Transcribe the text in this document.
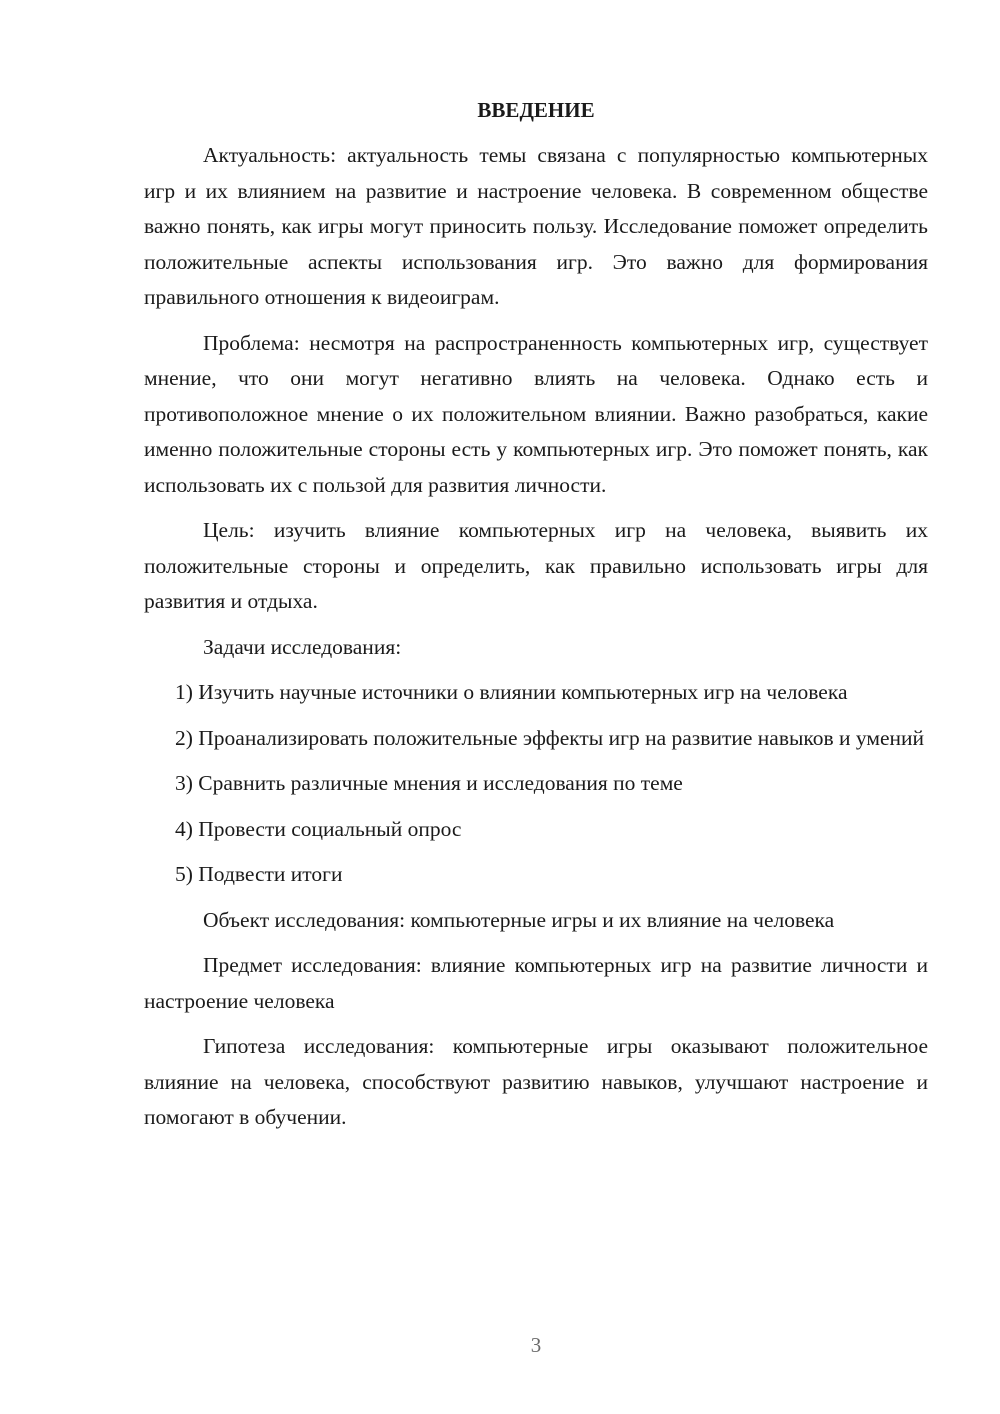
ВВЕДЕНИЕ

Актуальность: актуальность темы связана с популярностью компьютерных игр и их влиянием на развитие и настроение человека. В современном обществе важно понять, как игры могут приносить пользу. Исследование поможет определить положительные аспекты использования игр. Это важно для формирования правильного отношения к видеоиграм.

Проблема: несмотря на распространенность компьютерных игр, существует мнение, что они могут негативно влиять на человека. Однако есть и противоположное мнение о их положительном влиянии. Важно разобраться, какие именно положительные стороны есть у компьютерных игр. Это поможет понять, как использовать их с пользой для развития личности.

Цель: изучить влияние компьютерных игр на человека, выявить их положительные стороны и определить, как правильно использовать игры для развития и отдыха.

Задачи исследования:

1) Изучить научные источники о влиянии компьютерных игр на человека

2) Проанализировать положительные эффекты игр на развитие навыков и умений

3) Сравнить различные мнения и исследования по теме

4) Провести социальный опрос

5) Подвести итоги

Объект исследования: компьютерные игры и их влияние на человека

Предмет исследования: влияние компьютерных игр на развитие личности и настроение человека

Гипотеза исследования: компьютерные игры оказывают положительное влияние на человека, способствуют развитию навыков, улучшают настроение и помогают в обучении.

3
